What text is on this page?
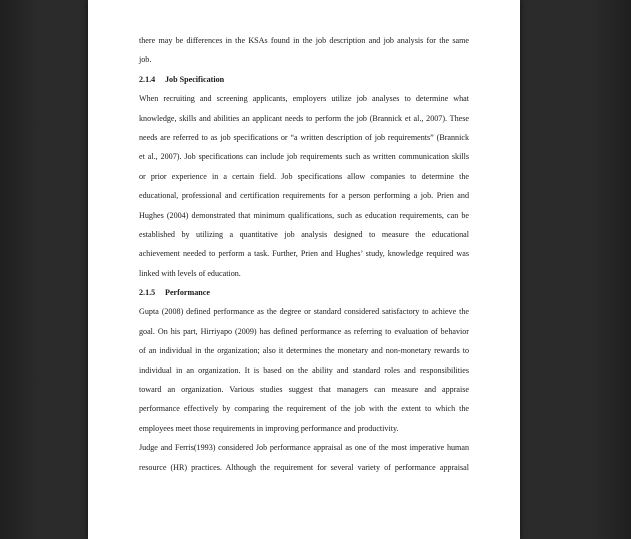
there may be differences in the KSAs found in the job description and job analysis for the same
job.
2.1.4 Job Specification
When recruiting and screening applicants, employers utilize job analyses to determine what
knowledge, skills and abilities an applicant needs to perform the job (Brannick et al., 2007). These
needs are referred to as job specifications or “a written description of job requirements” (Brannick
et al., 2007). Job specifications can include job requirements such as written communication skills
or prior experience in a certain field. Job specifications allow companies to determine the
educational, professional and certification requirements for a person performing a job. Prien and
Hughes (2004) demonstrated that minimum qualifications, such as education requirements, can be
established by utilizing a quantitative job analysis designed to measure the educational
achievement needed to perform a task. Further, Prien and Hughes’ study, knowledge required was
linked with levels of education.
2.1.5 Performance
Gupta (2008) defined performance as the degree or standard considered satisfactory to achieve the
goal. On his part, Hirriyapo (2009) has defined performance as referring to evaluation of behavior
of an individual in the organization; also it determines the monetary and non-monetary rewards to
individual in an organization. It is based on the ability and standard roles and responsibilities
toward an organization. Various studies suggest that managers can measure and appraise
performance effectively by comparing the requirement of the job with the extent to which the
employees meet those requirements in improving performance and productivity.
Judge and Ferris(1993) considered Job performance appraisal as one of the most imperative human
resource (HR) practices. Although the requirement for several variety of performance appraisal
